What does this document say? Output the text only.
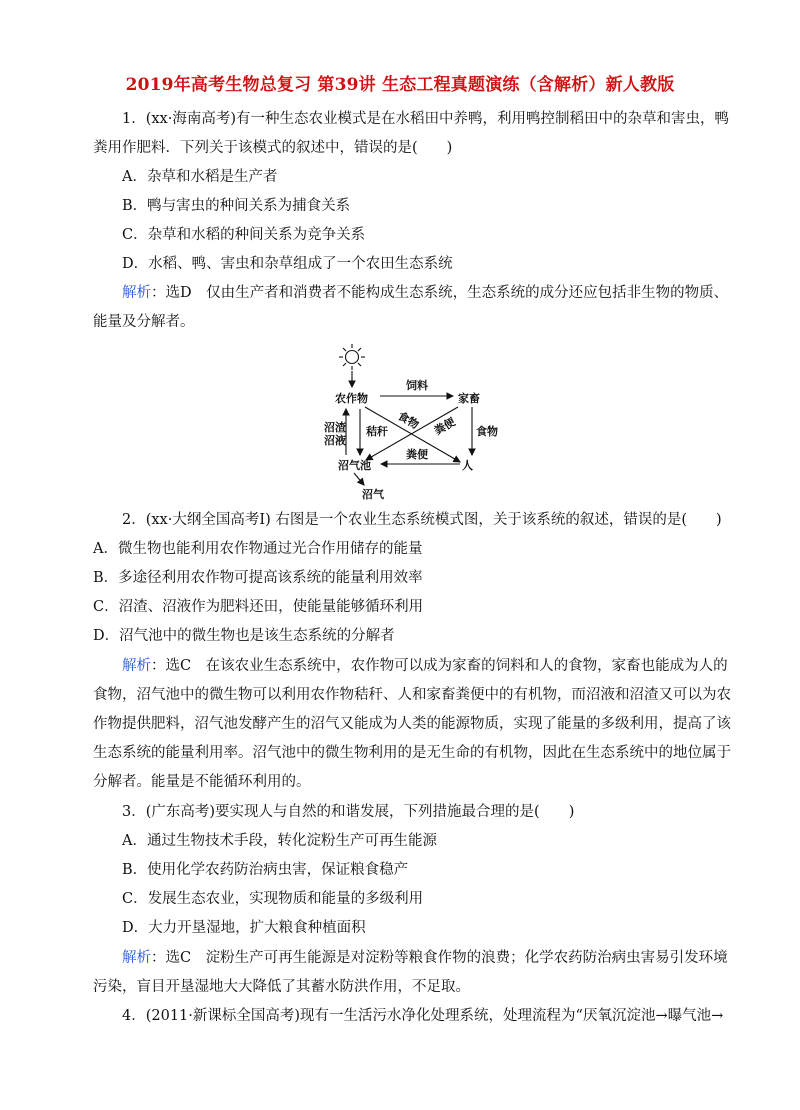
2019年高考生物总复习 第39讲 生态工程真题演练（含解析）新人教版
1．(xx·海南高考)有一种生态农业模式是在水稻田中养鸭，利用鸭控制稻田中的杂草和害虫，鸭
粪用作肥料．下列关于该模式的叙述中，错误的是(　　)
A．杂草和水稻是生产者
B．鸭与害虫的种间关系为捕食关系
C．杂草和水稻的种间关系为竞争关系
D．水稻、鸭、害虫和杂草组成了一个农田生态系统
解析：选D　仅由生产者和消费者不能构成生态系统，生态系统的成分还应包括非生物的物质、
能量及分解者。
农作物	家畜
饲料
食物 粪便 食物
沼渣
沼液
秸秆
沼气池	人
粪便
沼气
2．(xx·大纲全国高考Ⅰ) 右图是一个农业生态系统模式图，关于该系统的叙述，错误的是(　　)
A．微生物也能利用农作物通过光合作用储存的能量
B．多途径利用农作物可提高该系统的能量利用效率
C．沼渣、沼液作为肥料还田，使能量能够循环利用
D．沼气池中的微生物也是该生态系统的分解者
解析：选C　在该农业生态系统中，农作物可以成为家畜的饲料和人的食物，家畜也能成为人的
食物，沼气池中的微生物可以利用农作物秸秆、人和家畜粪便中的有机物，而沼液和沼渣又可以为农
作物提供肥料，沼气池发酵产生的沼气又能成为人类的能源物质，实现了能量的多级利用，提高了该
生态系统的能量利用率。沼气池中的微生物利用的是无生命的有机物，因此在生态系统中的地位属于
分解者。能量是不能循环利用的。
3．(广东高考)要实现人与自然的和谐发展，下列措施最合理的是(　　)
A．通过生物技术手段，转化淀粉生产可再生能源
B．使用化学农药防治病虫害，保证粮食稳产
C．发展生态农业，实现物质和能量的多级利用
D．大力开垦湿地，扩大粮食种植面积
解析：选C　淀粉生产可再生能源是对淀粉等粮食作物的浪费；化学农药防治病虫害易引发环境
污染，盲目开垦湿地大大降低了其蓄水防洪作用，不足取。
4．(2011·新课标全国高考)现有一生活污水净化处理系统，处理流程为“厌氧沉淀池→曝气池→
